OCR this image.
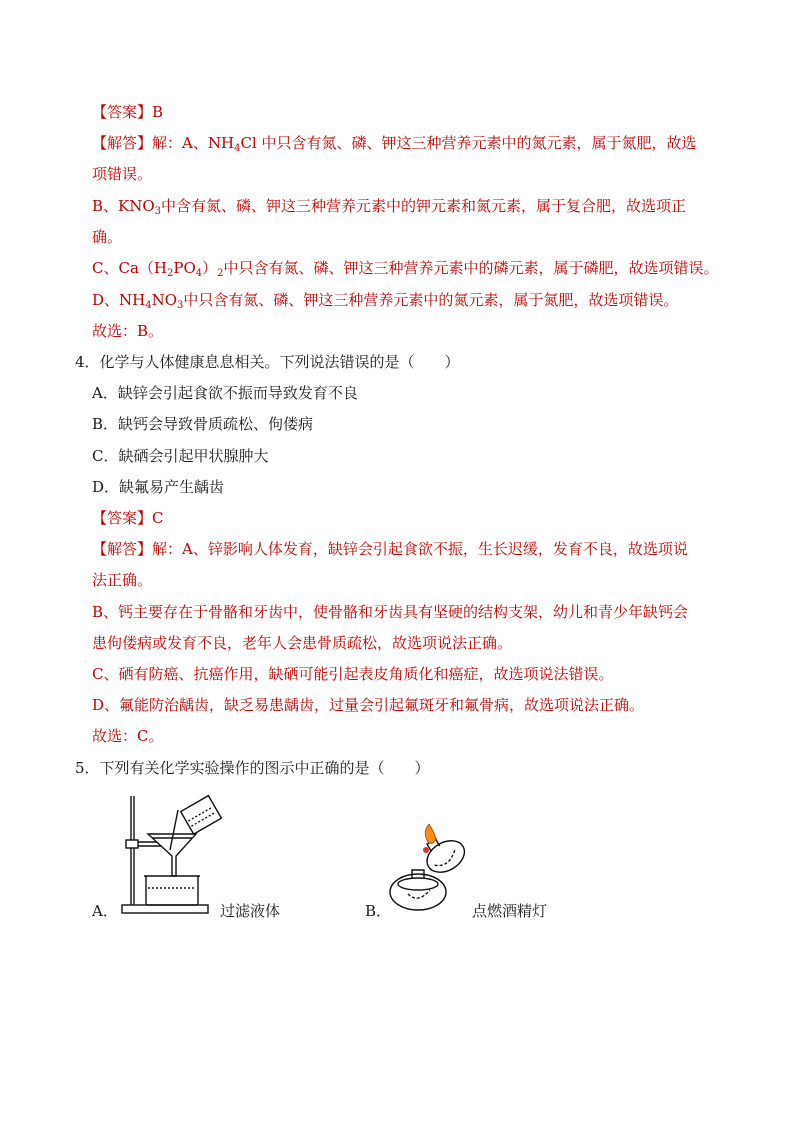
【答案】B
【解答】解：A、$NH_4Cl$ 中只含有氮、磷、钾这三种营养元素中的氮元素，属于氮肥，故选
项错误。
B、$KNO_3$中含有氮、磷、钾这三种营养元素中的钾元素和氮元素，属于复合肥，故选项正
确。
C、$Ca(H_2PO_4)_2$中只含有氮、磷、钾这三种营养元素中的磷元素，属于磷肥，故选项错误。
D、$NH_4NO_3$中只含有氮、磷、钾这三种营养元素中的氮元素，属于氮肥，故选项错误。
故选：B。
4．化学与人体健康息息相关。下列说法错误的是（　　）
A．缺锌会引起食欲不振而导致发育不良
B．缺钙会导致骨质疏松、佝偻病
C．缺硒会引起甲状腺肿大
D．缺氟易产生龋齿
【答案】C
【解答】解：A、锌影响人体发育，缺锌会引起食欲不振，生长迟缓，发育不良，故选项说
法正确。
B、钙主要存在于骨骼和牙齿中，使骨骼和牙齿具有坚硬的结构支架，幼儿和青少年缺钙会
患佝偻病或发育不良，老年人会患骨质疏松，故选项说法正确。
C、硒有防癌、抗癌作用，缺硒可能引起表皮角质化和癌症，故选项说法错误。
D、氟能防治龋齿，缺乏易患龋齿，过量会引起氟斑牙和氟骨病，故选项说法正确。
故选：C。
5．下列有关化学实验操作的图示中正确的是（　　）
A．	过滤液体	B．	点燃酒精灯
